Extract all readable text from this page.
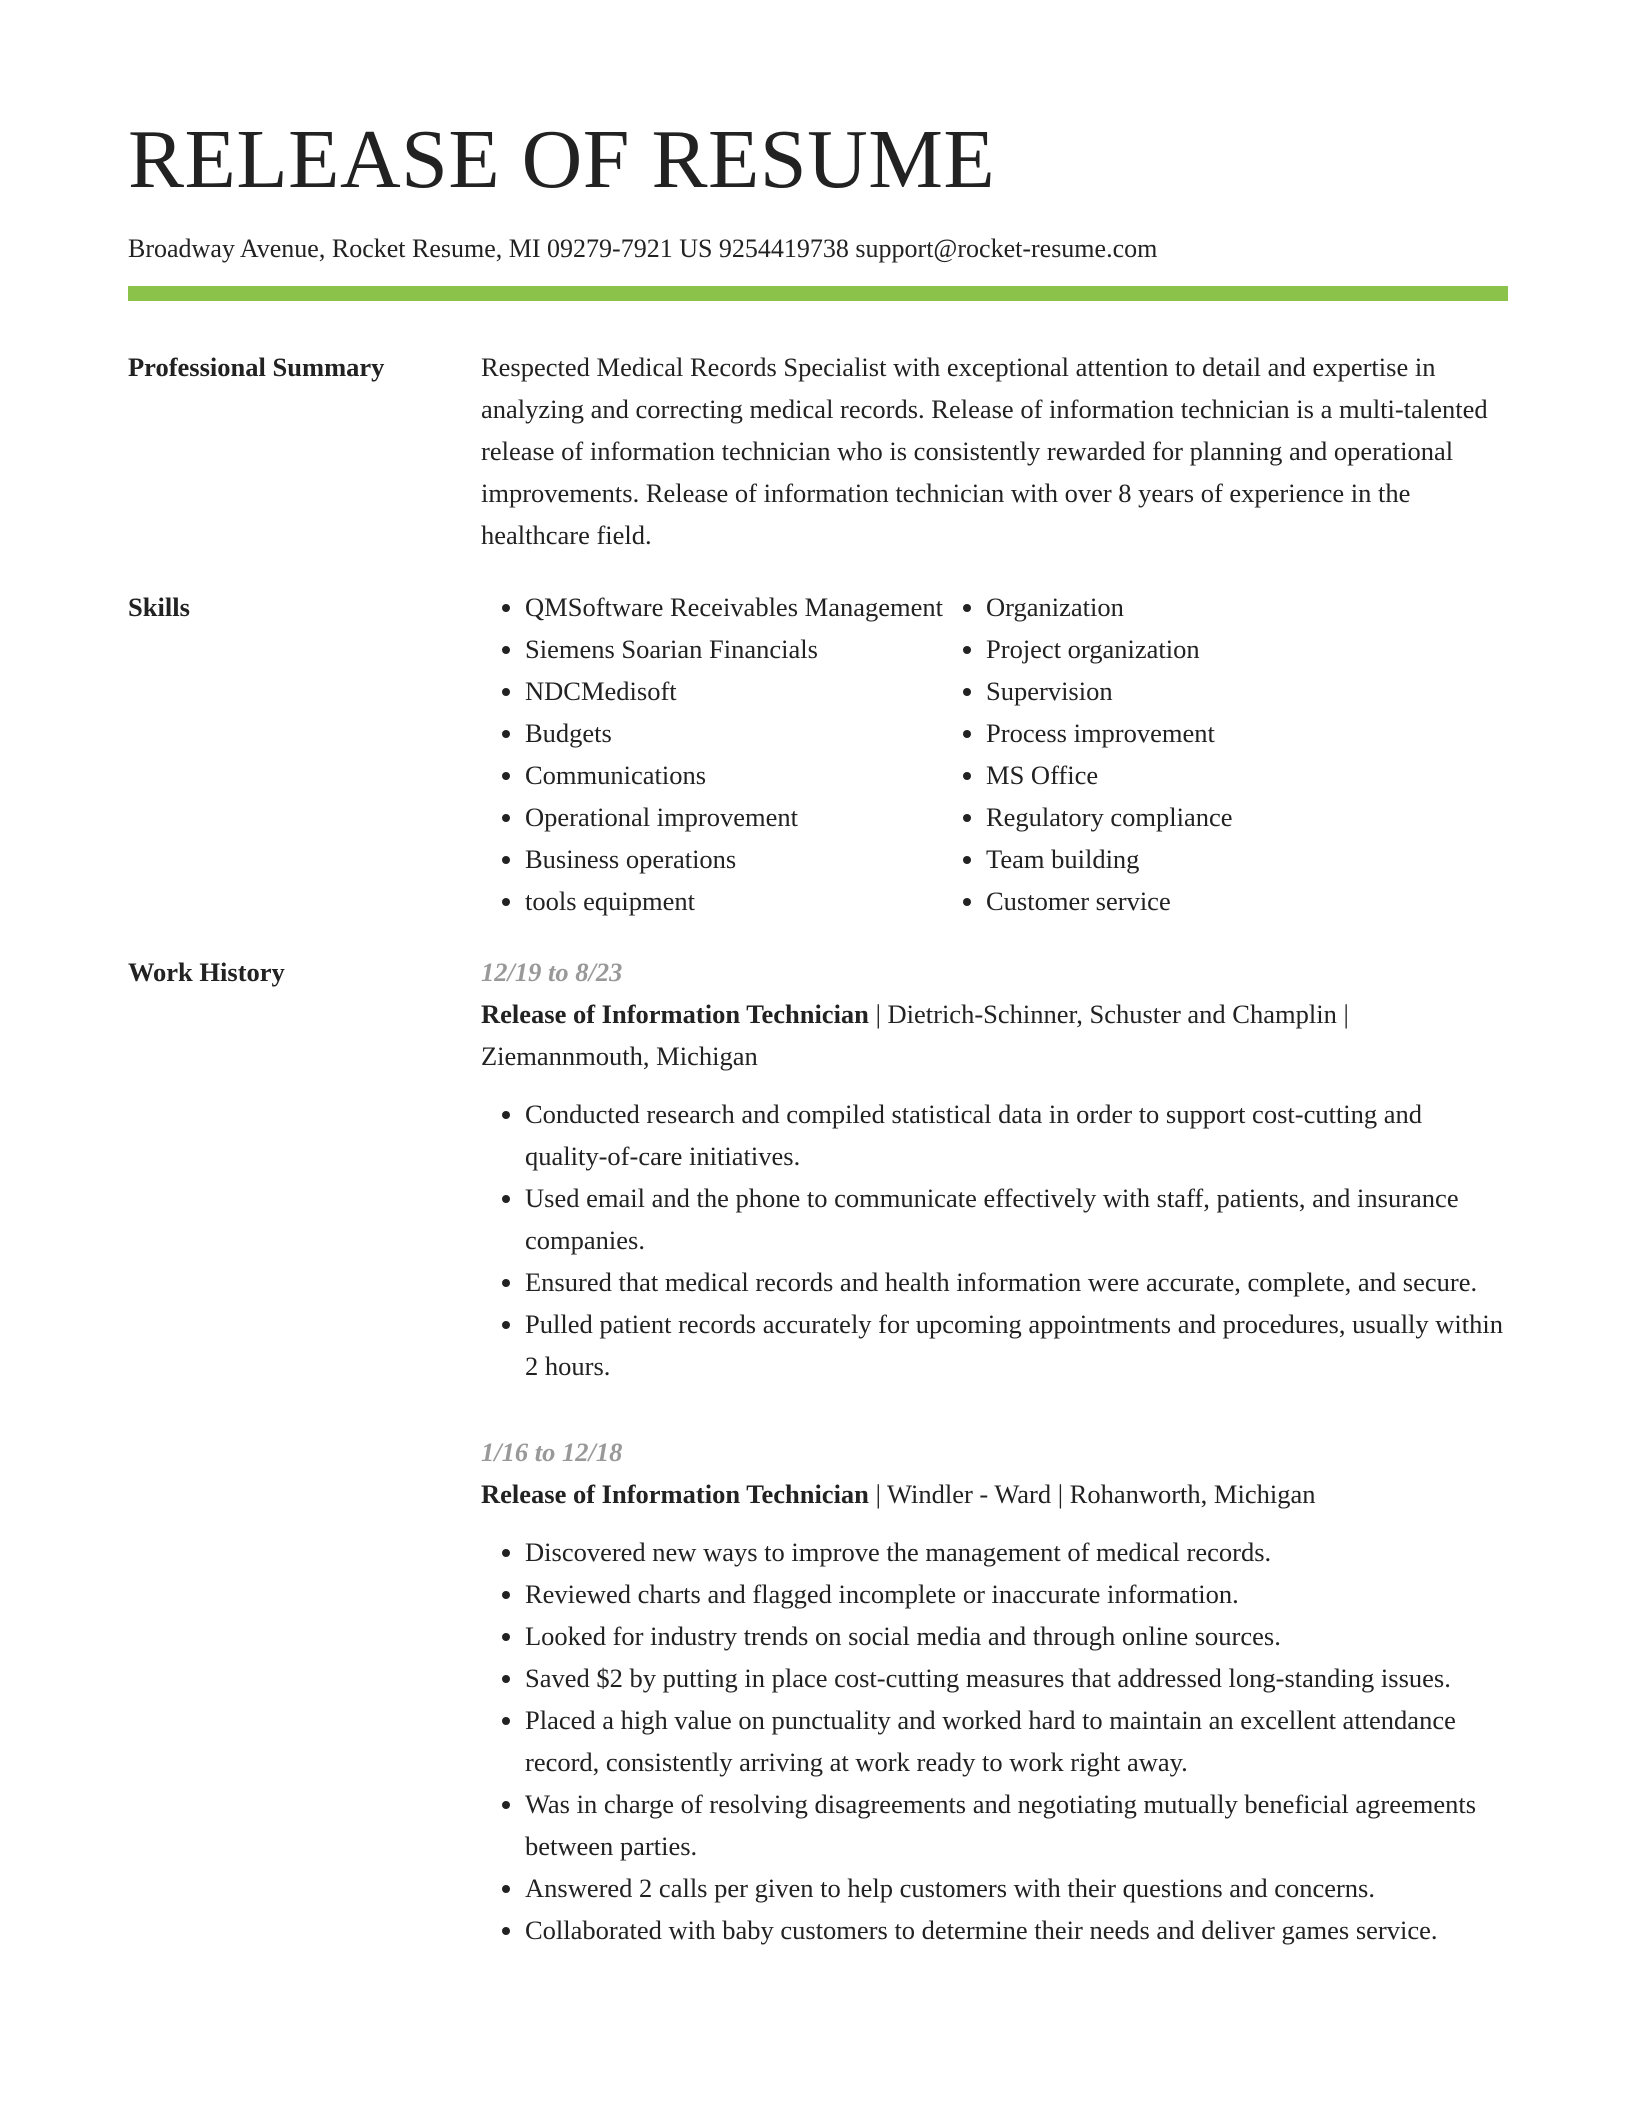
RELEASE OF RESUME
Broadway Avenue, Rocket Resume, MI 09279-7921 US 9254419738 support@rocket-resume.com
Professional Summary	Respected Medical Records Specialist with exceptional attention to detail and expertise in analyzing and correcting medical records. Release of information technician is a multi-talented release of information technician who is consistently rewarded for planning and operational improvements. Release of information technician with over 8 years of experience in the healthcare field.

Skills
•	QMSoftware Receivables Management
• Siemens Soarian Financials
• NDCMedisoft
• Budgets
• Communications
• Operational improvement
• Business operations
• tools equipment
• Organization
• Project organization
• Supervision
• Process improvement
• MS Office
• Regulatory compliance
• Team building
• Customer service
Work History	12/19 to 8/23
Release of Information Technician | Dietrich-Schinner, Schuster and Champlin | Ziemannmouth, Michigan
• Conducted research and compiled statistical data in order to support cost-cutting and quality-of-care initiatives.
• Used email and the phone to communicate effectively with staff, patients, and insurance companies.
• Ensured that medical records and health information were accurate, complete, and secure.
• Pulled patient records accurately for upcoming appointments and procedures, usually within 2 hours.
1/16 to 12/18
Release of Information Technician | Windler - Ward | Rohanworth, Michigan
• Discovered new ways to improve the management of medical records.
• Reviewed charts and flagged incomplete or inaccurate information.
• Looked for industry trends on social media and through online sources.
• Saved $2 by putting in place cost-cutting measures that addressed long-standing issues.
• Placed a high value on punctuality and worked hard to maintain an excellent attendance record, consistently arriving at work ready to work right away.
• Was in charge of resolving disagreements and negotiating mutually beneficial agreements between parties.
• Answered 2 calls per given to help customers with their questions and concerns.
• Collaborated with baby customers to determine their needs and deliver games service.
